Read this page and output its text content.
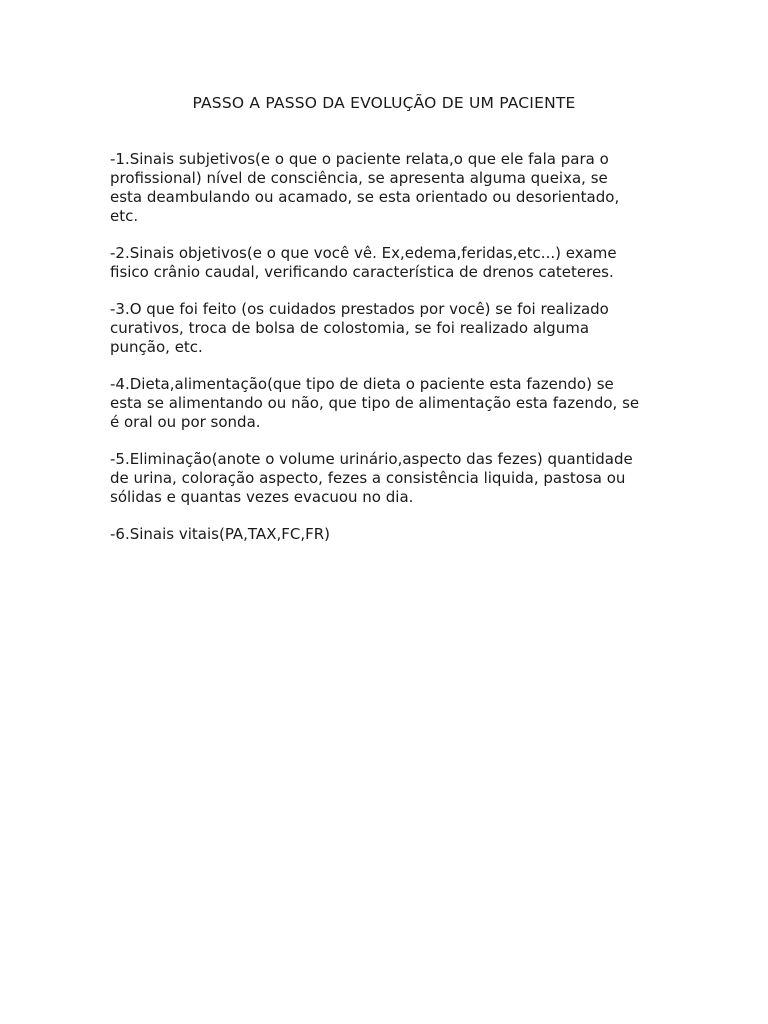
PASSO A PASSO DA EVOLUÇÃO DE UM PACIENTE

-1.Sinais subjetivos(e o que o paciente relata,o que ele fala para o
profissional) nível de consciência, se apresenta alguma queixa, se
esta deambulando ou acamado, se esta orientado ou desorientado,
etc.

-2.Sinais objetivos(e o que você vê. Ex,edema,feridas,etc...) exame
fisico crânio caudal, verificando característica de drenos cateteres.

-3.O que foi feito (os cuidados prestados por você) se foi realizado
curativos, troca de bolsa de colostomia, se foi realizado alguma
punção, etc.

-4.Dieta,alimentação(que tipo de dieta o paciente esta fazendo) se
esta se alimentando ou não, que tipo de alimentação esta fazendo, se
é oral ou por sonda.

-5.Eliminação(anote o volume urinário,aspecto das fezes) quantidade
de urina, coloração aspecto, fezes a consistência liquida, pastosa ou
sólidas e quantas vezes evacuou no dia.

-6.Sinais vitais(PA,TAX,FC,FR)
